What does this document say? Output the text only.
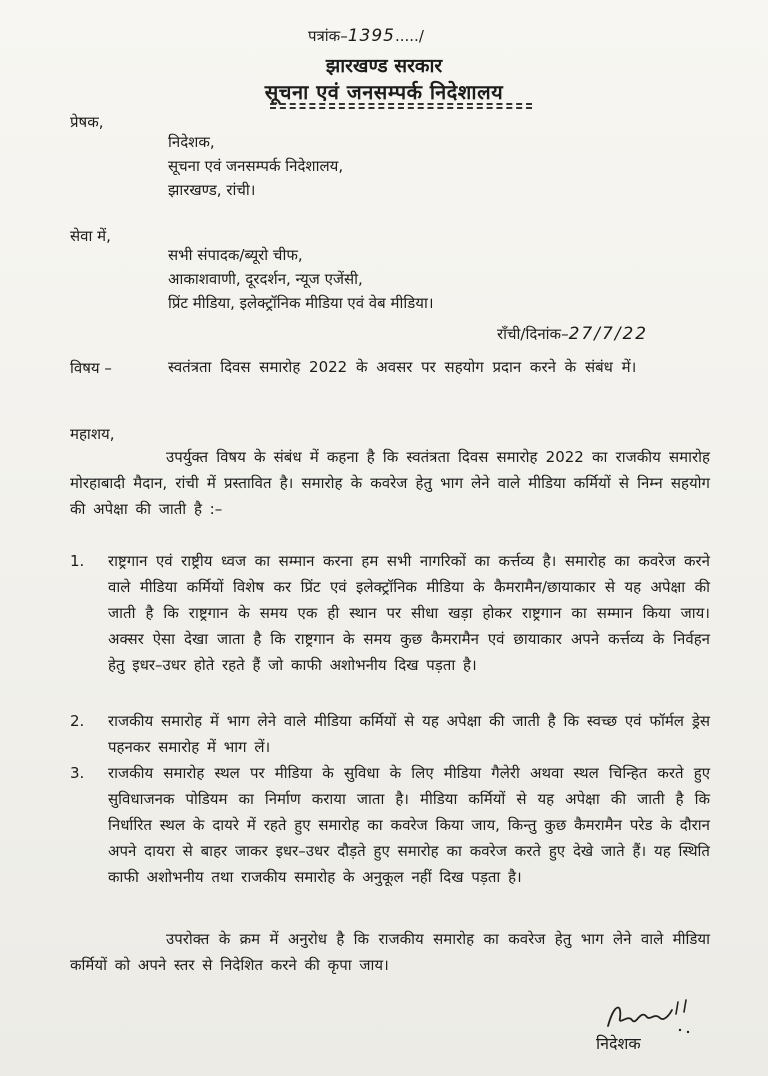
पत्रांक–1395...../
झारखण्ड सरकार
सूचना एवं जनसम्पर्क निदेशालय
प्रेषक,
निदेशक,
सूचना एवं जनसम्पर्क निदेशालय,
झारखण्ड, रांची।
सेवा में,
सभी संपादक/ब्यूरो चीफ,
आकाशवाणी, दूरदर्शन, न्यूज एजेंसी,
प्रिंट मीडिया, इलेक्ट्रॉनिक मीडिया एवं वेब मीडिया।
राँची/दिनांक–27/7/22
विषय –	स्वतंत्रता दिवस समारोह 2022 के अवसर पर सहयोग प्रदान करने के संबंध में।
महाशय,
उपर्युक्त विषय के संबंध में कहना है कि स्वतंत्रता दिवस समारोह 2022 का राजकीय समारोह मोरहाबादी मैदान, रांची में प्रस्तावित है। समारोह के कवरेज हेतु भाग लेने वाले मीडिया कर्मियों से निम्न सहयोग की अपेक्षा की जाती है :–
1. राष्ट्रगान एवं राष्ट्रीय ध्वज का सम्मान करना हम सभी नागरिकों का कर्त्तव्य है। समारोह का कवरेज करने वाले मीडिया कर्मियों विशेष कर प्रिंट एवं इलेक्ट्रॉनिक मीडिया के कैमरामैन/छायाकार से यह अपेक्षा की जाती है कि राष्ट्रगान के समय एक ही स्थान पर सीधा खड़ा होकर राष्ट्रगान का सम्मान किया जाय। अक्सर ऐसा देखा जाता है कि राष्ट्रगान के समय कुछ कैमरामैन एवं छायाकार अपने कर्त्तव्य के निर्वहन हेतु इधर–उधर होते रहते हैं जो काफी अशोभनीय दिख पड़ता है।
2. राजकीय समारोह में भाग लेने वाले मीडिया कर्मियों से यह अपेक्षा की जाती है कि स्वच्छ एवं फॉर्मल ड्रेस पहनकर समारोह में भाग लें।
3. राजकीय समारोह स्थल पर मीडिया के सुविधा के लिए मीडिया गैलेरी अथवा स्थल चिन्हित करते हुए सुविधाजनक पोडियम का निर्माण कराया जाता है। मीडिया कर्मियों से यह अपेक्षा की जाती है कि निर्धारित स्थल के दायरे में रहते हुए समारोह का कवरेज किया जाय, किन्तु कुछ कैमरामैन परेड के दौरान अपने दायरा से बाहर जाकर इधर–उधर दौड़ते हुए समारोह का कवरेज करते हुए देखे जाते हैं। यह स्थिति काफी अशोभनीय तथा राजकीय समारोह के अनुकूल नहीं दिख पड़ता है।
उपरोक्त के क्रम में अनुरोध है कि राजकीय समारोह का कवरेज हेतु भाग लेने वाले मीडिया कर्मियों को अपने स्तर से निदेशित करने की कृपा जाय।
निदेशक
